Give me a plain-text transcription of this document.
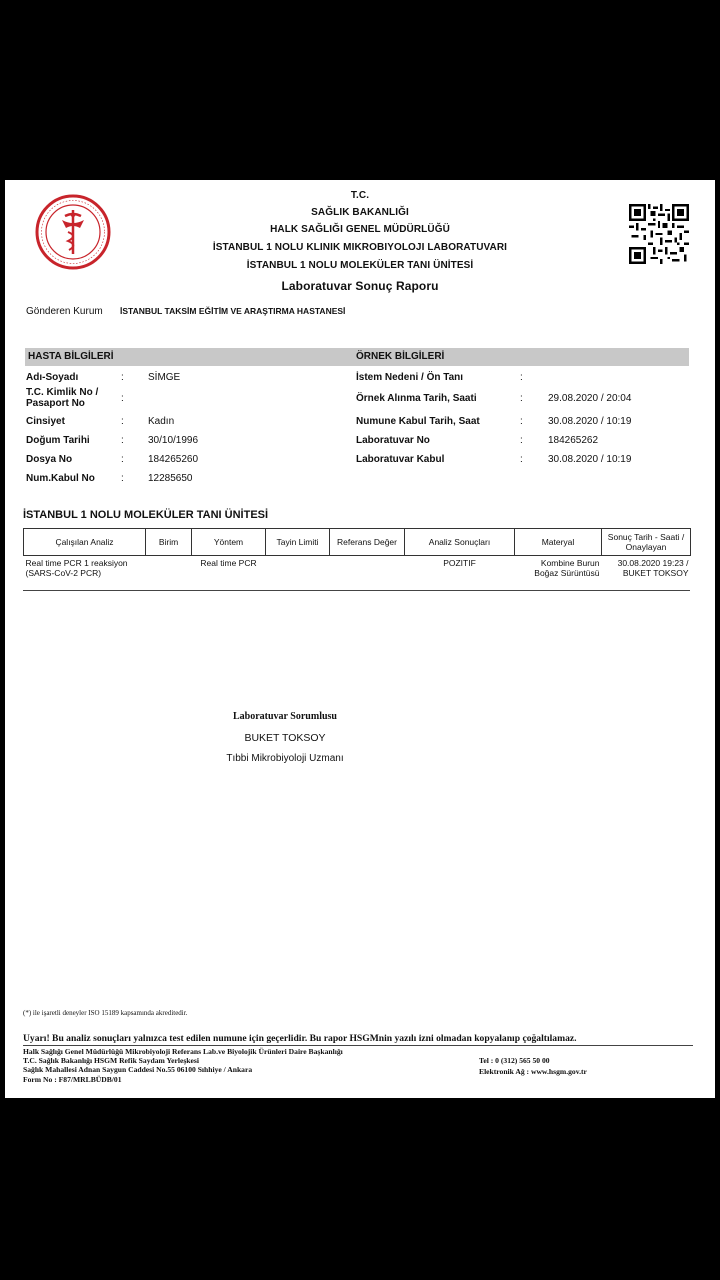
T.C.
SAĞLIK BAKANLIĞI
HALK SAĞLIĞI GENEL MÜDÜRLÜĞÜ
İSTANBUL 1 NOLU KLINIK MIKROBIYOLOJI LABORATUVARI
İSTANBUL 1 NOLU MOLEKÜLER TANI ÜNİTESİ
Laboratuvar Sonuç Raporu
Gönderen Kurum İSTANBUL TAKSİM EĞİTİM VE ARAŞTIRMA HASTANESİ
HASTA BİLGİLERİ	ÖRNEK BİLGİLERİ
Adı-Soyadı	: SİMGE
T.C. Kimlik No / Pasaport No	:
Cinsiyet	: Kadın
Doğum Tarihi	: 30/10/1996
Dosya No	: 184265260
Num.Kabul No	: 12285650
İstem Nedeni / Ön Tanı	:
Örnek Alınma Tarih, Saati	:	29.08.2020 / 20:04
Numune Kabul Tarih, Saat	:	30.08.2020 / 10:19
Laboratuvar No	:	184265262
Laboratuvar Kabul	:	30.08.2020 / 10:19
İSTANBUL 1 NOLU MOLEKÜLER TANI ÜNİTESİ
Çalışılan Analiz	Birim	Yöntem	Tayin Limiti	Referans Değer	Analiz Sonuçları	Materyal	Sonuç Tarih - Saati / Onaylayan
Real time PCR 1 reaksiyon (SARS-CoV-2 PCR)		Real time PCR			POZITIF	Kombine Burun Boğaz Sürüntüsü	30.08.2020 19:23 / BUKET TOKSOY
Laboratuvar Sorumlusu
BUKET TOKSOY
Tıbbi Mikrobiyoloji Uzmanı
(*) ile işaretli deneyler ISO 15189 kapsamında akreditedir.
Uyarı! Bu analiz sonuçları yalnızca test edilen numune için geçerlidir. Bu rapor HSGMnin yazılı izni olmadan kopyalanıp çoğaltılamaz.
Halk Sağlığı Genel Müdürlüğü Mikrobiyoloji Referans Lab.ve Biyolojik Ürünleri Daire Başkanlığı
T.C. Sağlık Bakanlığı HSGM Refik Saydam Yerleşkesi
Sağlık Mahallesi Adnan Saygun Caddesi No.55 06100 Sıhhiye / Ankara
Form No : F87/MRLBÜDB/01
Tel : 0 (312) 565 50 00
Elektronik Ağ : www.hsgm.gov.tr
